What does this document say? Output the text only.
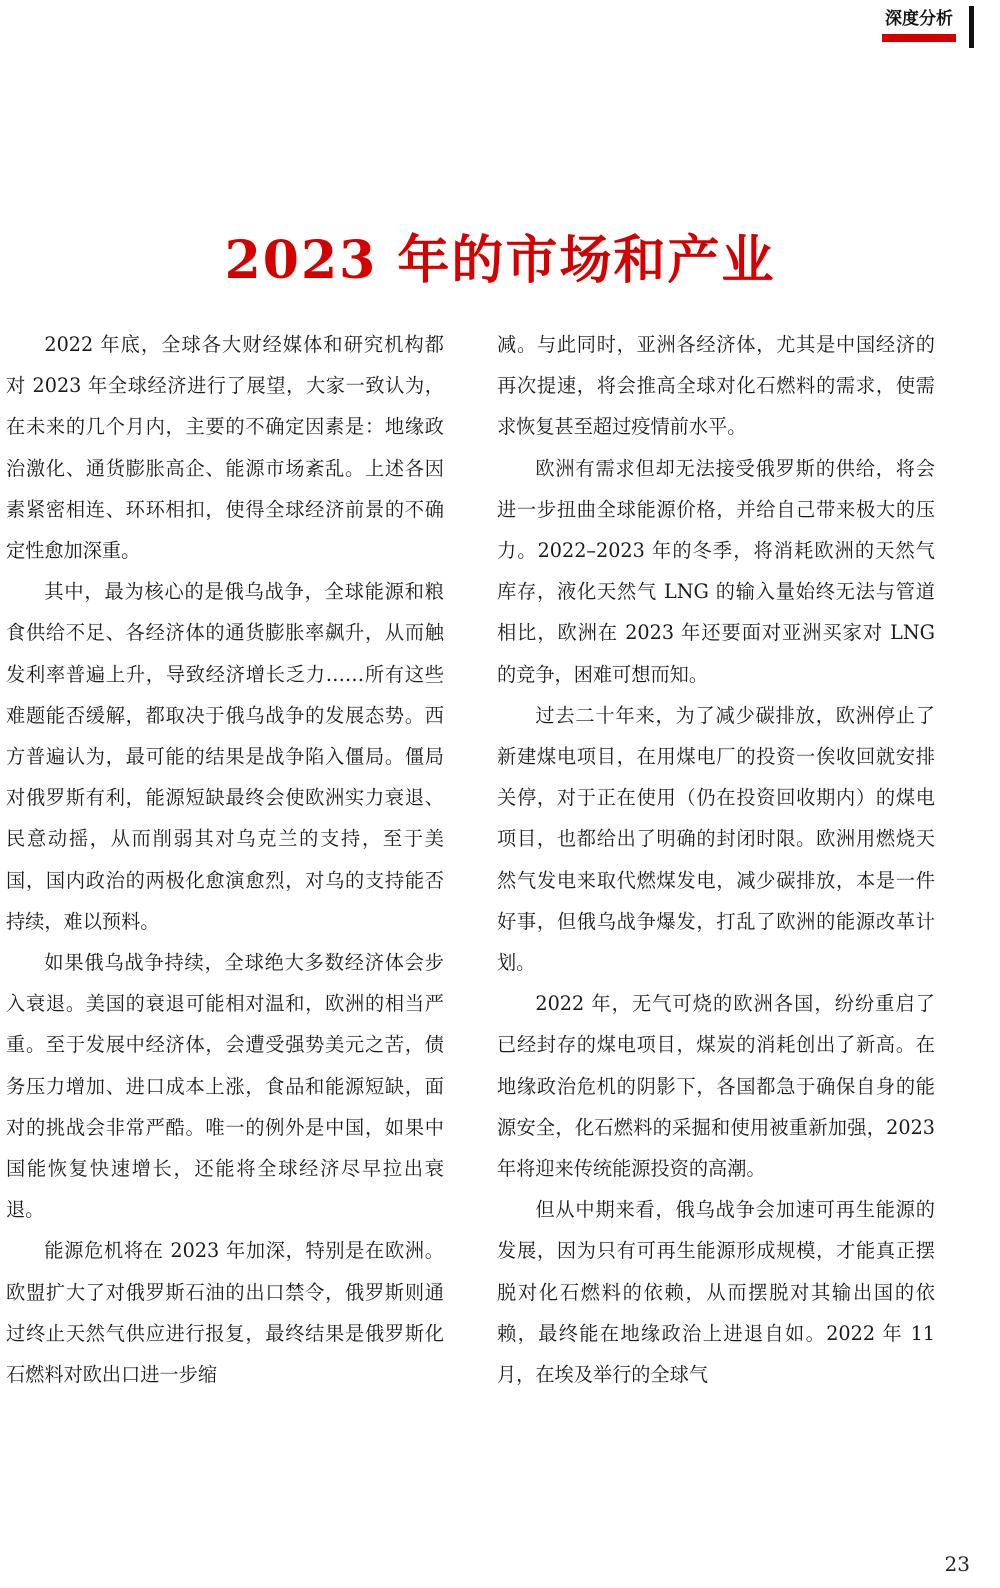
深度分析
2023 年的市场和产业

2022 年底，全球各大财经媒体和研究机构都对 2023 年全球经济进行了展望，大家一致认为，在未来的几个月内，主要的不确定因素是：地缘政治激化、通货膨胀高企、能源市场紊乱。上述各因素紧密相连、环环相扣，使得全球经济前景的不确定性愈加深重。

其中，最为核心的是俄乌战争，全球能源和粮食供给不足、各经济体的通货膨胀率飙升，从而触发利率普遍上升，导致经济增长乏力……所有这些难题能否缓解，都取决于俄乌战争的发展态势。西方普遍认为，最可能的结果是战争陷入僵局。僵局对俄罗斯有利，能源短缺最终会使欧洲实力衰退、民意动摇，从而削弱其对乌克兰的支持，至于美国，国内政治的两极化愈演愈烈，对乌的支持能否持续，难以预料。

如果俄乌战争持续，全球绝大多数经济体会步入衰退。美国的衰退可能相对温和，欧洲的相当严重。至于发展中经济体，会遭受强势美元之苦，债务压力增加、进口成本上涨，食品和能源短缺，面对的挑战会非常严酷。唯一的例外是中国，如果中国能恢复快速增长，还能将全球经济尽早拉出衰退。

能源危机将在 2023 年加深，特别是在欧洲。欧盟扩大了对俄罗斯石油的出口禁令，俄罗斯则通过终止天然气供应进行报复，最终结果是俄罗斯化石燃料对欧出口进一步缩

减。与此同时，亚洲各经济体，尤其是中国经济的再次提速，将会推高全球对化石燃料的需求，使需求恢复甚至超过疫情前水平。

欧洲有需求但却无法接受俄罗斯的供给，将会进一步扭曲全球能源价格，并给自己带来极大的压力。2022–2023 年的冬季，将消耗欧洲的天然气库存，液化天然气 LNG 的输入量始终无法与管道相比，欧洲在 2023 年还要面对亚洲买家对 LNG 的竞争，困难可想而知。

过去二十年来，为了减少碳排放，欧洲停止了新建煤电项目，在用煤电厂的投资一俟收回就安排关停，对于正在使用（仍在投资回收期内）的煤电项目，也都给出了明确的封闭时限。欧洲用燃烧天然气发电来取代燃煤发电，减少碳排放，本是一件好事，但俄乌战争爆发，打乱了欧洲的能源改革计划。

2022 年，无气可烧的欧洲各国，纷纷重启了已经封存的煤电项目，煤炭的消耗创出了新高。在地缘政治危机的阴影下，各国都急于确保自身的能源安全，化石燃料的采掘和使用被重新加强，2023 年将迎来传统能源投资的高潮。

但从中期来看，俄乌战争会加速可再生能源的发展，因为只有可再生能源形成规模，才能真正摆脱对化石燃料的依赖，从而摆脱对其输出国的依赖，最终能在地缘政治上进退自如。2022 年 11 月，在埃及举行的全球气

23
